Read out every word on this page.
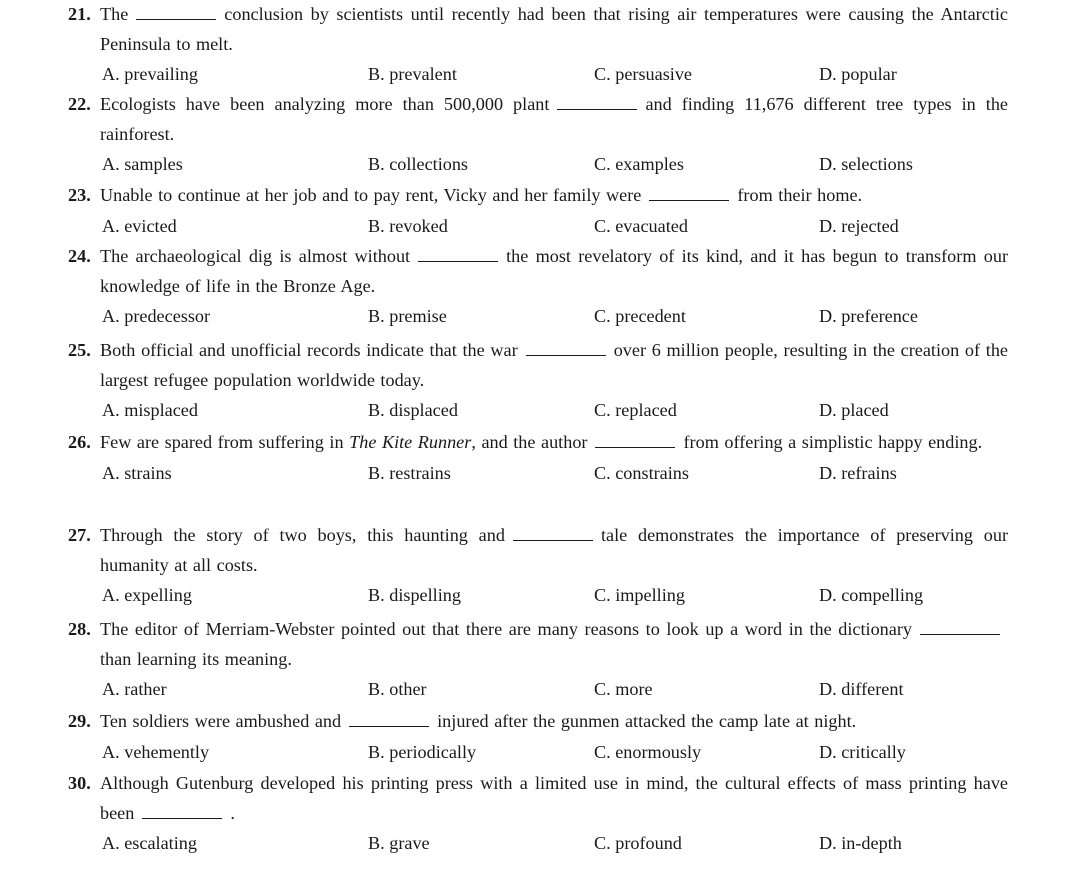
21. The	conclusion by scientists until recently had been that rising air temperatures were causing the Antarctic Peninsula to melt.
A. prevailing	B. prevalent	C. persuasive	D. popular
22. Ecologists have been analyzing more than 500,000 plant	and finding 11,676 different tree types in the rainforest.
A. samples	B. collections	C. examples	D. selections
23. Unable to continue at her job and to pay rent, Vicky and her family were	from their home.
A. evicted	B. revoked	C. evacuated	D. rejected
24. The archaeological dig is almost without	the most revelatory of its kind, and it has begun to transform our knowledge of life in the Bronze Age.
A. predecessor	B. premise	C. precedent	D. preference
25. Both official and unofficial records indicate that the war	over 6 million people, resulting in the creation of the largest refugee population worldwide today.
A. misplaced	B. displaced	C. replaced	D. placed
26. Few are spared from suffering in The Kite Runner, and the author	from offering a simplistic happy ending.
A. strains	B. restrains	C. constrains	D. refrains
27. Through the story of two boys, this haunting and	tale demonstrates the importance of preserving our humanity at all costs.
A. expelling	B. dispelling	C. impelling	D. compelling
28. The editor of Merriam-Webster pointed out that there are many reasons to look up a word in the dictionarythan learning its meaning.
A. rather	B. other	C. more	D. different
29. Ten soldiers were ambushed and	injured after the gunmen attacked the camp late at night.
A. vehemently	B. periodically	C. enormously	D. critically
30. Although Gutenburg developed his printing press with a limited use in mind, the cultural effects of mass printing have been	.
A. escalating	B. grave	C. profound	D. in-depth
